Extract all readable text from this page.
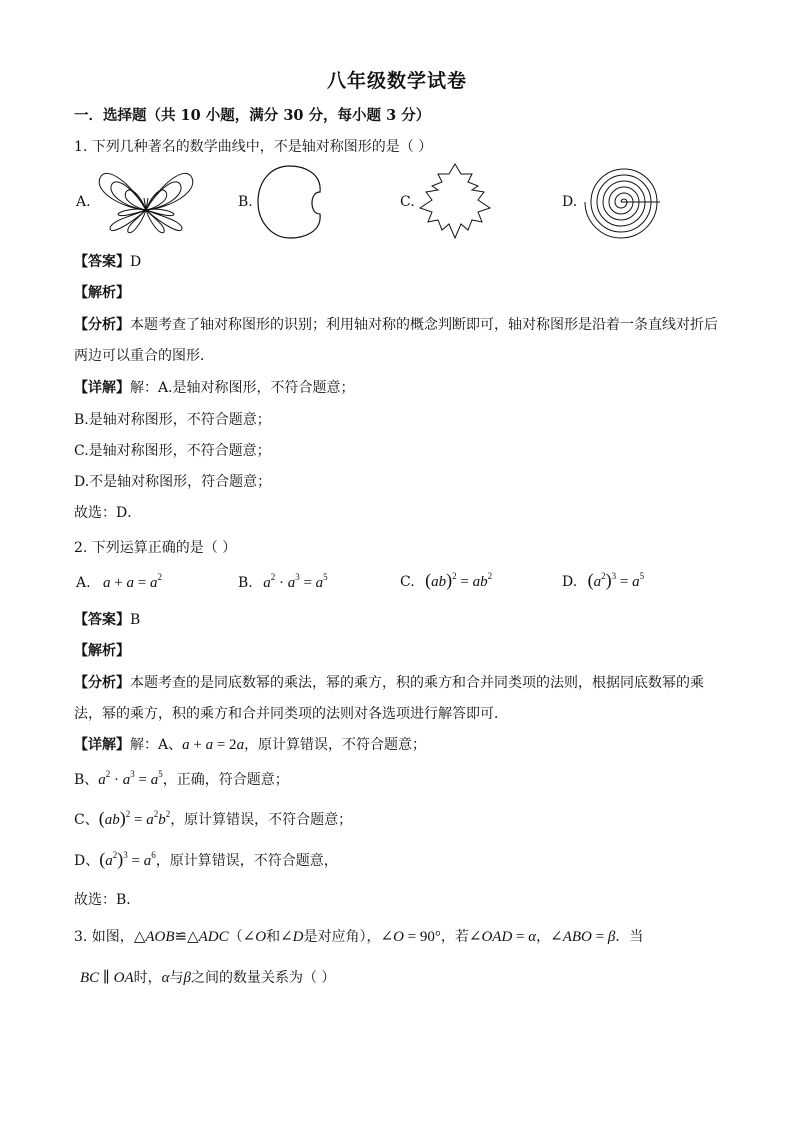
八年级数学试卷
一．选择题（共 10 小题，满分 30 分，每小题 3 分）
1. 下列几种著名的数学曲线中，不是轴对称图形的是（ ）
A.	B.	C.	D.
【答案】D
【解析】
【分析】本题考查了轴对称图形的识别；利用轴对称的概念判断即可，轴对称图形是沿着一条直线对折后
两边可以重合的图形．
【详解】解：A.是轴对称图形，不符合题意；
B.是轴对称图形，不符合题意；
C.是轴对称图形，不符合题意；
D.不是轴对称图形，符合题意；
故选：D．
2. 下列运算正确的是（ ）
A. $a + a = a^2$	B. $a^2 \cdot a^3 = a^5$	C. $(ab)^2 = ab^2$	D. $(a^2)^3 = a^5$
【答案】B
【解析】
【分析】本题考查的是同底数幂的乘法，幂的乘方，积的乘方和合并同类项的法则，根据同底数幂的乘
法，幂的乘方，积的乘方和合并同类项的法则对各选项进行解答即可．
【详解】解：A、a + a = 2a，原计算错误，不符合题意；
B、$a^2 \cdot a^3 = a^5$，正确，符合题意；
C、$(ab)^2 = a^2b^2$，原计算错误，不符合题意；
D、$(a^2)^3 = a^6$，原计算错误，不符合题意，
故选：B．
3. 如图，△AOB≌△ADC（∠O和∠D是对应角），∠O = 90°，若∠OAD = α，∠ABO = β．当
BC ∥ OA时，α与β之间的数量关系为（ ）
